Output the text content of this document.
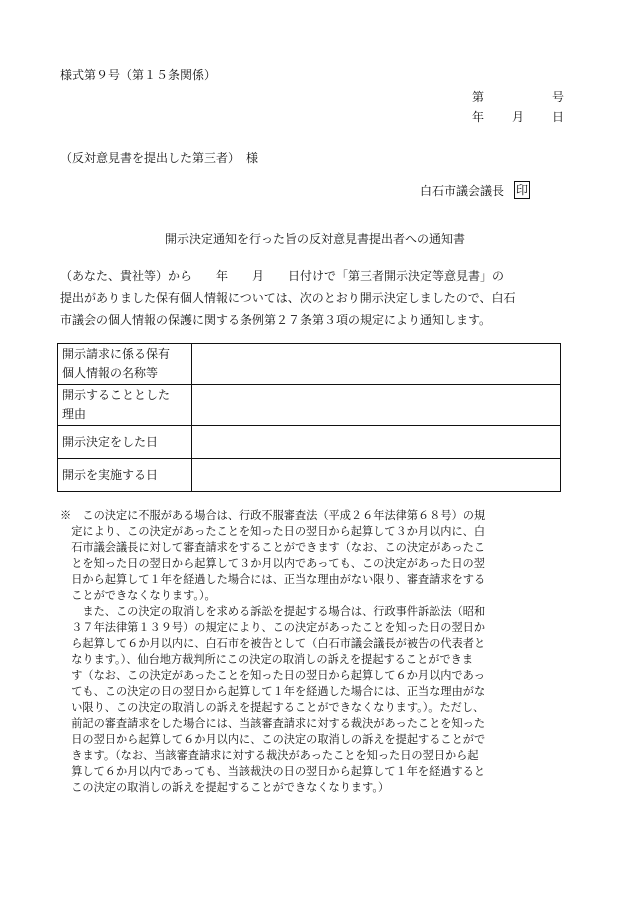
様式第９号（第１５条関係）
第	号
年 月 日
（反対意見書を提出した第三者）　様
白石市議会議長 印
開示決定通知を行った旨の反対意見書提出者への通知書
（あなた、貴社等）から　　年　　月　　日付けで「第三者開示決定等意見書」の
提出がありました保有個人情報については、次のとおり開示決定しましたので、白石
市議会の個人情報の保護に関する条例第２７条第３項の規定により通知します。
開示請求に係る保有
個人情報の名称等	

開示することとした
理由	

開示決定をした日	

開示を実施する日	

※　この決定に不服がある場合は、行政不服審査法（平成２６年法律第６８号）の規
　定により、この決定があったことを知った日の翌日から起算して３か月以内に、白
　石市議会議長に対して審査請求をすることができます（なお、この決定があったこ
　とを知った日の翌日から起算して３か月以内であっても、この決定があった日の翌
　日から起算して１年を経過した場合には、正当な理由がない限り、審査請求をする
　ことができなくなります。）。
　　また、この決定の取消しを求める訴訟を提起する場合は、行政事件訴訟法（昭和
　３７年法律第１３９号）の規定により、この決定があったことを知った日の翌日か
　ら起算して６か月以内に、白石市を被告として（白石市議会議長が被告の代表者と
　なります。）、仙台地方裁判所にこの決定の取消しの訴えを提起することができま
　す（なお、この決定があったことを知った日の翌日から起算して６か月以内であっ
　ても、この決定の日の翌日から起算して１年を経過した場合には、正当な理由がな
　い限り、この決定の取消しの訴えを提起することができなくなります。）。ただし、
　前記の審査請求をした場合には、当該審査請求に対する裁決があったことを知った
　日の翌日から起算して６か月以内に、この決定の取消しの訴えを提起することがで
　きます。（なお、当該審査請求に対する裁決があったことを知った日の翌日から起
　算して６か月以内であっても、当該裁決の日の翌日から起算して１年を経過すると
　この決定の取消しの訴えを提起することができなくなります。）
